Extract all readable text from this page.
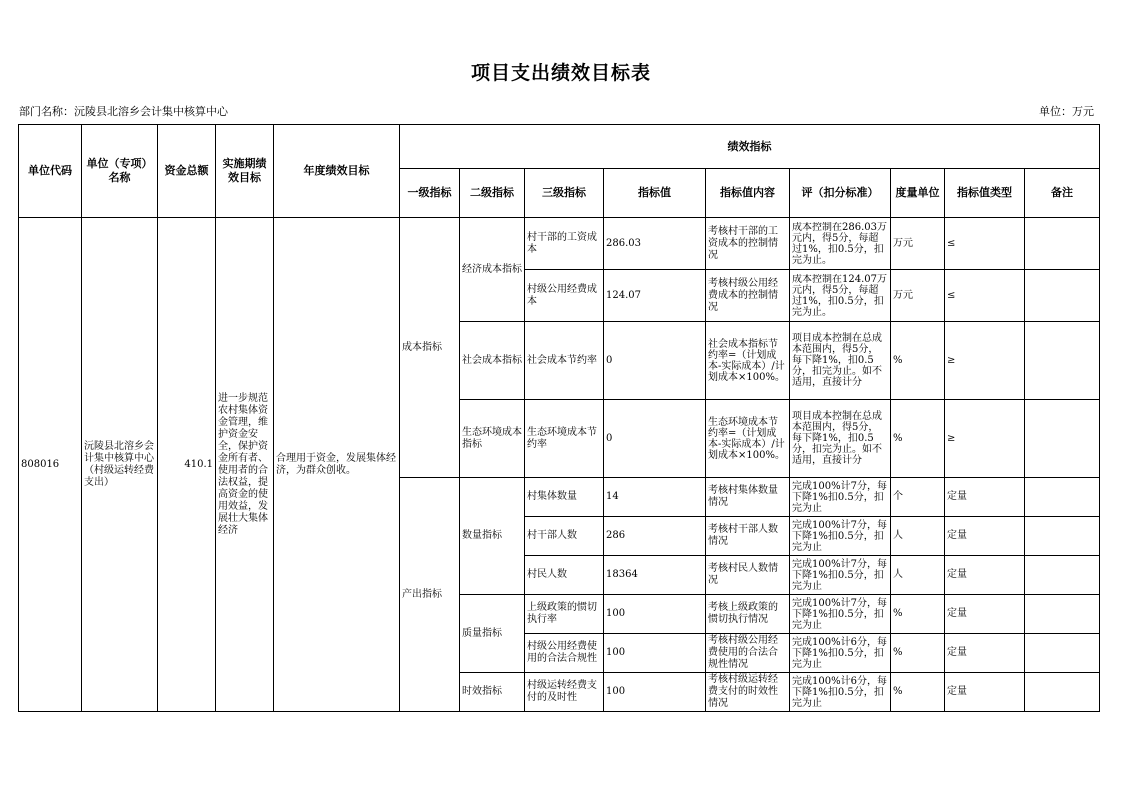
项目支出绩效目标表
部门名称：沅陵县北溶乡会计集中核算中心	单位：万元
单位代码	单位（专项）名称	资金总额	实施期绩效目标	年度绩效目标	绩效指标								
					一级指标	二级指标	三级指标	指标值	指标值内容	评（扣分标准）	度量单位	指标值类型	备注
808016	沅陵县北溶乡会计集中核算中心（村级运转经费支出）	410.1	进一步规范农村集体资金管理，维护资金安全，保护资金所有者、使用者的合法权益，提高资金的使用效益，发展壮大集体经济	合理用于资金，发展集体经济，为群众创收。	成本指标	经济成本指标	村干部的工资成本	286.03	考核村干部的工资成本的控制情况	成本控制在286.03万元内，得5分，每超过1%，扣0.5分，扣完为止。	万元	≤	
							村级公用经费成本	124.07	考核村级公用经费成本的控制情况	成本控制在124.07万元内，得5分，每超过1%，扣0.5分，扣完为止。	万元	≤	
						社会成本指标	社会成本节约率	0	社会成本指标节约率=（计划成本-实际成本）/计划成本×100%。	项目成本控制在总成本范围内，得5分，每下降1%，扣0.5分，扣完为止。如不适用，直接计分	%	≥	
						生态环境成本指标	生态环境成本节约率	0	生态环境成本节约率=（计划成本-实际成本）/计划成本×100%。	项目成本控制在总成本范围内，得5分，每下降1%，扣0.5分，扣完为止。如不适用，直接计分	%	≥	
					产出指标	数量指标	村集体数量	14	考核村集体数量情况	完成100%计7分，每下降1%扣0.5分，扣完为止	个	定量	
							村干部人数	286	考核村干部人数情况	完成100%计7分，每下降1%扣0.5分，扣完为止	人	定量	
							村民人数	18364	考核村民人数情况	完成100%计7分，每下降1%扣0.5分，扣完为止	人	定量	
						质量指标	上级政策的惯切执行率	100	考核上级政策的惯切执行情况	完成100%计7分，每下降1%扣0.5分，扣完为止	%	定量	
							村级公用经费使用的合法合规性	100	考核村级公用经费使用的合法合规性情况	完成100%计6分，每下降1%扣0.5分，扣完为止	%	定量	
						时效指标	村级运转经费支付的及时性	100	考核村级运转经费支付的时效性情况	完成100%计6分，每下降1%扣0.5分，扣完为止	%	定量	
